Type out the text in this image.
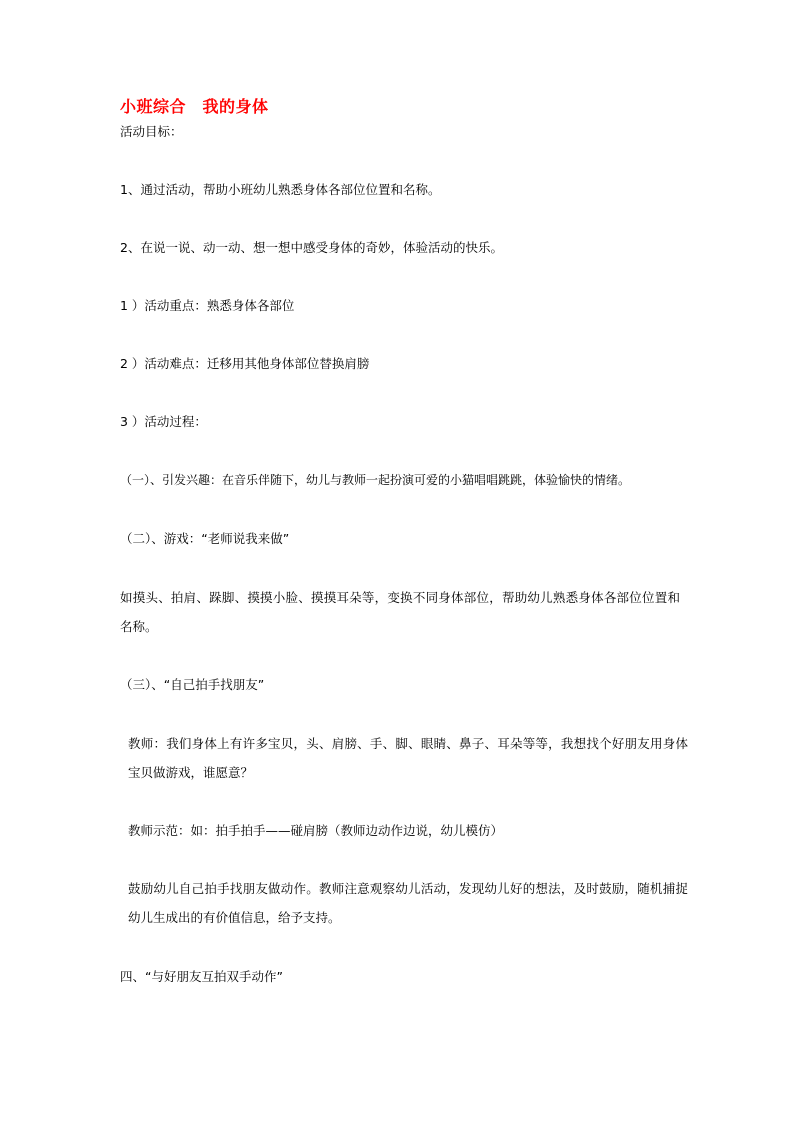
小班综合　我的身体
活动目标：
1、通过活动，帮助小班幼儿熟悉身体各部位位置和名称。
2、在说一说、动一动、想一想中感受身体的奇妙，体验活动的快乐。
1 ）活动重点：熟悉身体各部位
2 ）活动难点：迁移用其他身体部位替换肩膀
3 ）活动过程：
（一）、引发兴趣：在音乐伴随下，幼儿与教师一起扮演可爱的小猫唱唱跳跳，体验愉快的情绪。
（二）、游戏：“老师说我来做”
如摸头、拍肩、跺脚、摸摸小脸、摸摸耳朵等，变换不同身体部位，帮助幼儿熟悉身体各部位位置和名称。
（三）、“自己拍手找朋友”
教师：我们身体上有许多宝贝，头、肩膀、手、脚、眼睛、鼻子、耳朵等等，我想找个好朋友用身体宝贝做游戏，谁愿意？
教师示范：如：拍手拍手——碰肩膀（教师边动作边说，幼儿模仿）
鼓励幼儿自己拍手找朋友做动作。教师注意观察幼儿活动，发现幼儿好的想法，及时鼓励，随机捕捉幼儿生成出的有价值信息，给予支持。
四、“与好朋友互拍双手动作”
